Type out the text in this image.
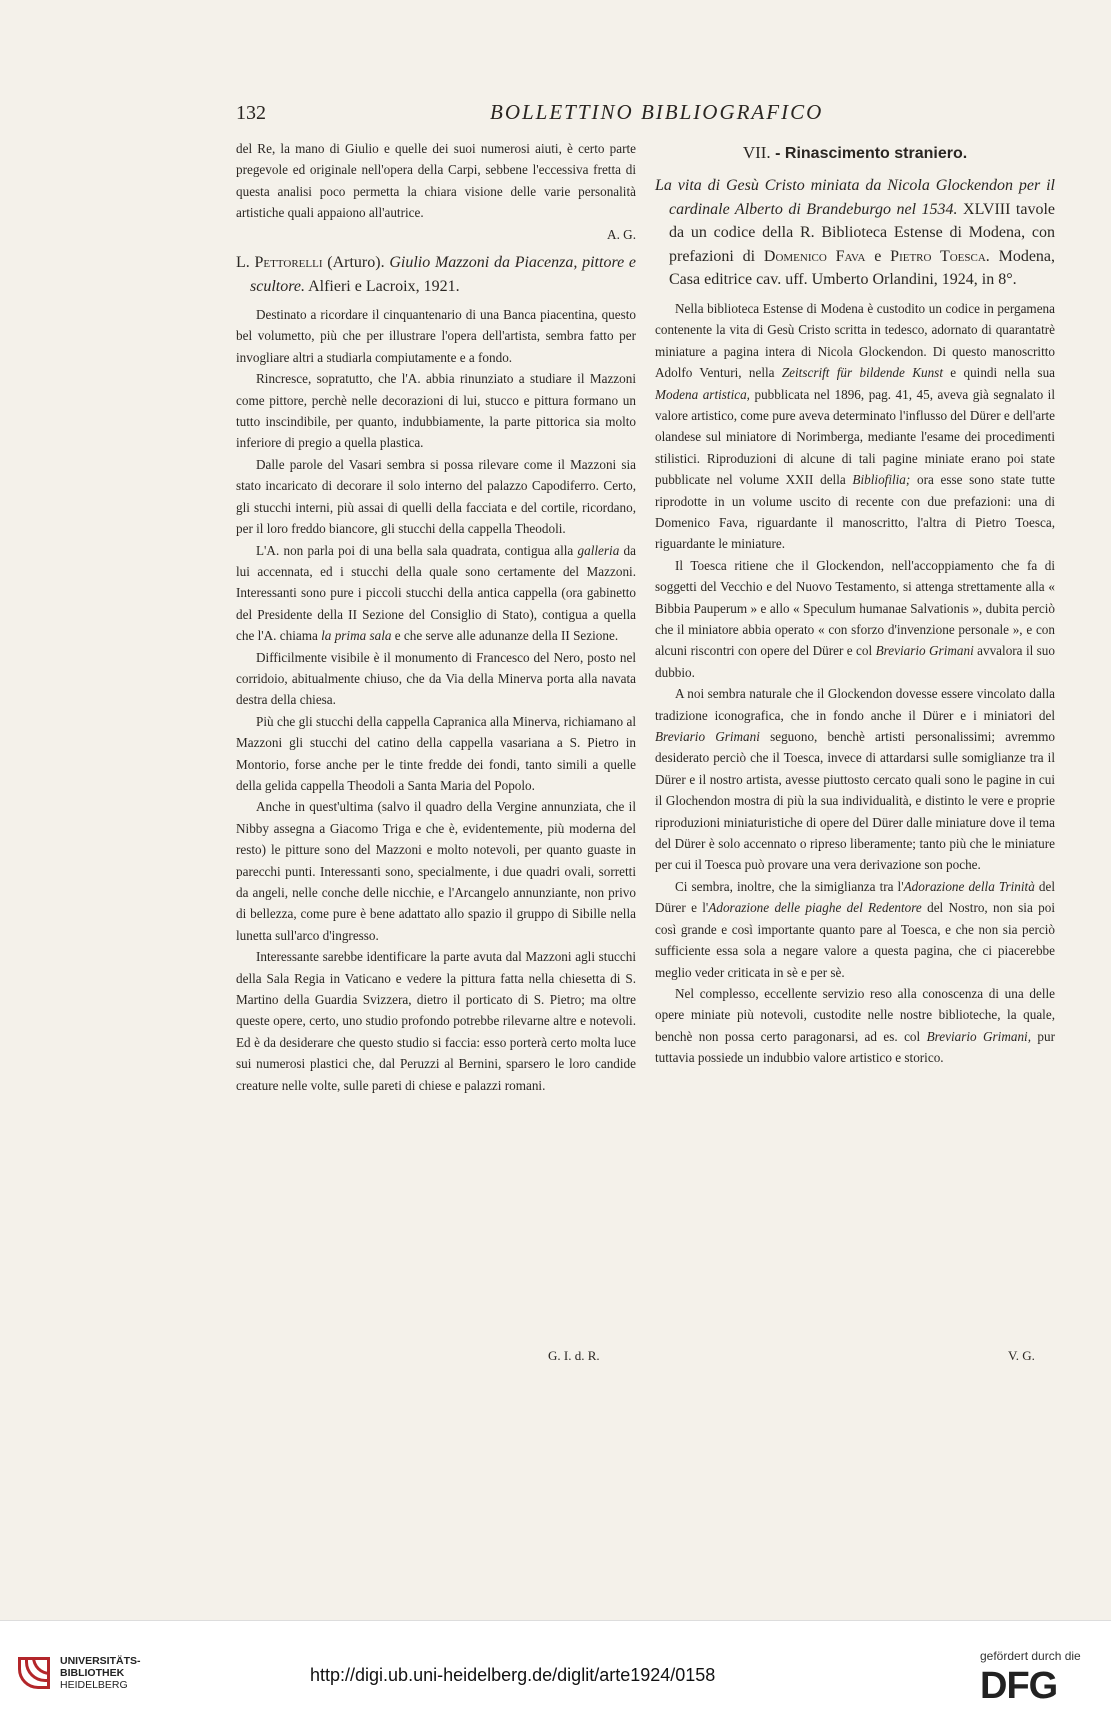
132	BOLLETTINO BIBLIOGRAFICO

del Re, la mano di Giulio e quelle dei suoi numerosi aiuti, è certo parte pregevole ed originale nell'opera della Carpi, sebbene l'eccessiva fretta di questa analisi poco permetta la chiara visione delle varie personalità artistiche quali appaiono all'autrice.

A. G.

L. Pettorelli (Arturo). Giulio Mazzoni da Piacenza, pittore e scultore. Alfieri e Lacroix, 1921.

Destinato a ricordare il cinquantenario di una Banca piacentina, questo bel volumetto, più che per illustrare l'opera dell'artista, sembra fatto per invogliare altri a studiarla compiutamente e a fondo.

Rincresce, sopratutto, che l'A. abbia rinunziato a studiare il Mazzoni come pittore, perchè nelle decorazioni di lui, stucco e pittura formano un tutto inscindibile, per quanto, indubbiamente, la parte pittorica sia molto inferiore di pregio a quella plastica.

Dalle parole del Vasari sembra si possa rilevare come il Mazzoni sia stato incaricato di decorare il solo interno del palazzo Capodiferro. Certo, gli stucchi interni, più assai di quelli della facciata e del cortile, ricordano, per il loro freddo biancore, gli stucchi della cappella Theodoli.

L'A. non parla poi di una bella sala quadrata, contigua alla galleria da lui accennata, ed i stucchi della quale sono certamente del Mazzoni. Interessanti sono pure i piccoli stucchi della antica cappella (ora gabinetto del Presidente della II Sezione del Consiglio di Stato), contigua a quella che l'A. chiama la prima sala e che serve alle adunanze della II Sezione.

Difficilmente visibile è il monumento di Francesco del Nero, posto nel corridoio, abitualmente chiuso, che da Via della Minerva porta alla navata destra della chiesa.

Più che gli stucchi della cappella Capranica alla Minerva, richiamano al Mazzoni gli stucchi del catino della cappella vasariana a S. Pietro in Montorio, forse anche per le tinte fredde dei fondi, tanto simili a quelle della gelida cappella Theodoli a Santa Maria del Popolo.

Anche in quest'ultima (salvo il quadro della Vergine annunziata, che il Nibby assegna a Giacomo Triga e che è, evidentemente, più moderna del resto) le pitture sono del Mazzoni e molto notevoli, per quanto guaste in parecchi punti. Interessanti sono, specialmente, i due quadri ovali, sorretti da angeli, nelle conche delle nicchie, e l'Arcangelo annunziante, non privo di bellezza, come pure è bene adattato allo spazio il gruppo di Sibille nella lunetta sull'arco d'ingresso.

Interessante sarebbe identificare la parte avuta dal Mazzoni agli stucchi della Sala Regia in Vaticano e vedere la pittura fatta nella chiesetta di S. Martino della Guardia Svizzera, dietro il porticato di S. Pietro; ma oltre queste opere, certo, uno studio profondo potrebbe rilevarne altre e notevoli. Ed è da desiderare che questo studio si faccia: esso porterà certo molta luce sui numerosi plastici che, dal Peruzzi al Bernini, sparsero le loro candide creature nelle volte, sulle pareti di chiese e palazzi romani.

VII. - Rinascimento straniero.

La vita di Gesù Cristo miniata da Nicola Glockendon per il cardinale Alberto di Brandeburgo nel 1534. XLVIII tavole da un codice della R. Biblioteca Estense di Modena, con prefazioni di Domenico Fava e Pietro Toesca. Modena, Casa editrice cav. uff. Umberto Orlandini, 1924, in 8°.

Nella biblioteca Estense di Modena è custodito un codice in pergamena contenente la vita di Gesù Cristo scritta in tedesco, adornato di quarantatrè miniature a pagina intera di Nicola Glockendon. Di questo manoscritto Adolfo Venturi, nella Zeitscrift für bildende Kunst e quindi nella sua Modena artistica, pubblicata nel 1896, pag. 41, 45, aveva già segnalato il valore artistico, come pure aveva determinato l'influsso del Dürer e dell'arte olandese sul miniatore di Norimberga, mediante l'esame dei procedimenti stilistici. Riproduzioni di alcune di tali pagine miniate erano poi state pubblicate nel volume XXII della Bibliofilia; ora esse sono state tutte riprodotte in un volume uscito di recente con due prefazioni: una di Domenico Fava, riguardante il manoscritto, l'altra di Pietro Toesca, riguardante le miniature.

Il Toesca ritiene che il Glockendon, nell'accoppiamento che fa di soggetti del Vecchio e del Nuovo Testamento, si attenga strettamente alla « Bibbia Pauperum » e allo « Speculum humanae Salvationis », dubita perciò che il miniatore abbia operato « con sforzo d'invenzione personale », e con alcuni riscontri con opere del Dürer e col Breviario Grimani avvalora il suo dubbio.

A noi sembra naturale che il Glockendon dovesse essere vincolato dalla tradizione iconografica, che in fondo anche il Dürer e i miniatori del Breviario Grimani seguono, benchè artisti personalissimi; avremmo desiderato perciò che il Toesca, invece di attardarsi sulle somiglianze tra il Dürer e il nostro artista, avesse piuttosto cercato quali sono le pagine in cui il Glochendon mostra di più la sua individualità, e distinto le vere e proprie riproduzioni miniaturistiche di opere del Dürer dalle miniature dove il tema del Dürer è solo accennato o ripreso liberamente; tanto più che le miniature per cui il Toesca può provare una vera derivazione son poche.

Ci sembra, inoltre, che la simiglianza tra l'Adorazione della Trinità del Dürer e l'Adorazione delle piaghe del Redentore del Nostro, non sia poi così grande e così importante quanto pare al Toesca, e che non sia perciò sufficiente essa sola a negare valore a questa pagina, che ci piacerebbe meglio veder criticata in sè e per sè.

Nel complesso, eccellente servizio reso alla conoscenza di una delle opere miniate più notevoli, custodite nelle nostre biblioteche, la quale, benchè non possa certo paragonarsi, ad es. col Breviario Grimani, pur tuttavia possiede un indubbio valore artistico e storico.

G. I. d. R.	V. G.
UNIVERSITÄTS-
BIBLIOTHEK
HEIDELBERG	http://digi.ub.uni-heidelberg.de/diglit/arte1924/0158
gefördert durch die
DFG
